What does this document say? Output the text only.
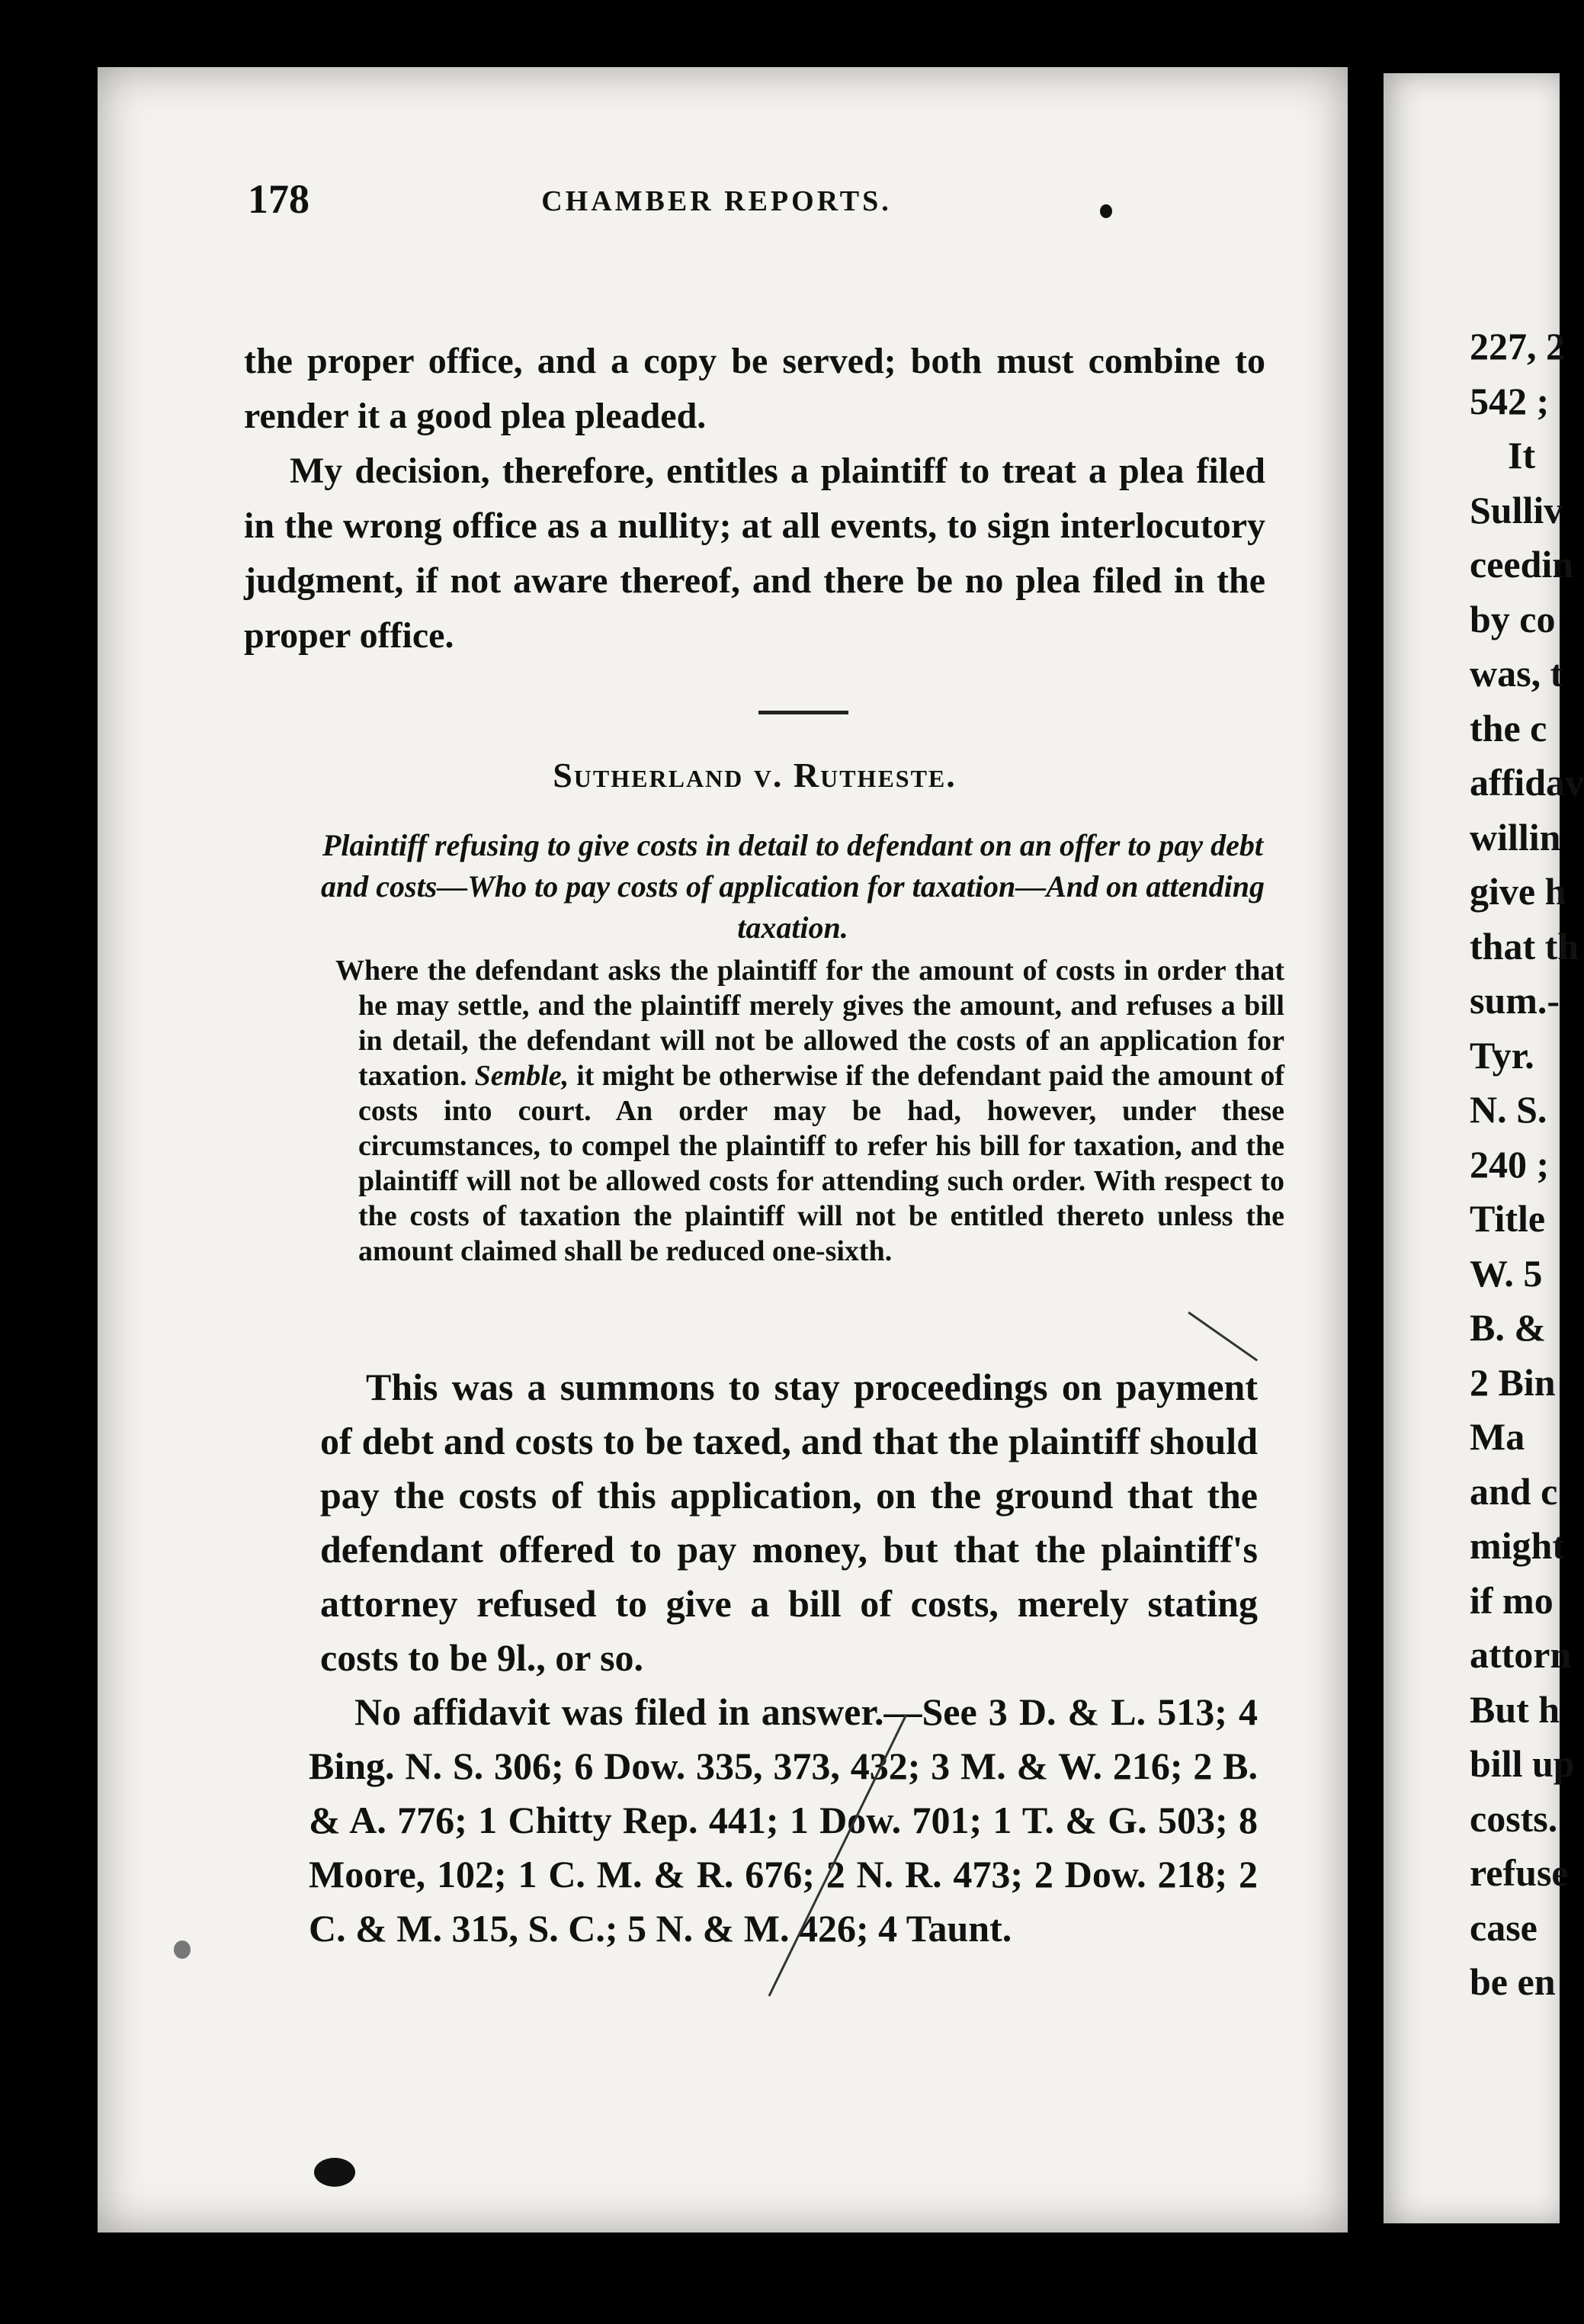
178	CHAMBER REPORTS.
the proper office, and a copy be served; both must combine to render it a good plea pleaded.
My decision, therefore, entitles a plaintiff to treat a plea filed in the wrong office as a nullity; at all events, to sign interlocutory judgment, if not aware thereof, and there be no plea filed in the proper office.
Sutherland v. Rutheste.
Plaintiff refusing to give costs in detail to defendant on an offer to pay debt and costs—Who to pay costs of application for taxation—And on attending taxation.
Where the defendant asks the plaintiff for the amount of costs in order that he may settle, and the plaintiff merely gives the amount, and refuses a bill in detail, the defendant will not be allowed the costs of an application for taxation. Semble, it might be otherwise if the defendant paid the amount of costs into court. An order may be had, however, under these circumstances, to compel the plaintiff to refer his bill for taxation, and the plaintiff will not be allowed costs for attending such order. With respect to the costs of taxation the plaintiff will not be entitled thereto unless the amount claimed shall be reduced one-sixth.
This was a summons to stay proceedings on payment of debt and costs to be taxed, and that the plaintiff should pay the costs of this application, on the ground that the defendant offered to pay money, but that the plaintiff's attorney refused to give a bill of costs, merely stating costs to be 9l., or so.
No affidavit was filed in answer.—See 3 D. & L. 513; 4 Bing. N. S. 306; 6 Dow. 335, 373, 432; 3 M. & W. 216; 2 B. & A. 776; 1 Chitty Rep. 441; 1 Dow. 701; 1 T. & G. 503; 8 Moore, 102; 1 C. M. & R. 676; 2 N. R. 473; 2 Dow. 218; 2 C. & M. 315, S. C.; 5 N. & M. 426; 4 Taunt.
227, 2
542 ;
It
Sulliv
ceedin
by co
was, t
the c
affidav
willin
give h
that th
sum.-
Tyr.
N. S.
240 ;
Title
W. 5
B. &
2 Bin
Ma
and c
might
if mo
attorn
But h
bill up
costs.
refuse
case
be en
